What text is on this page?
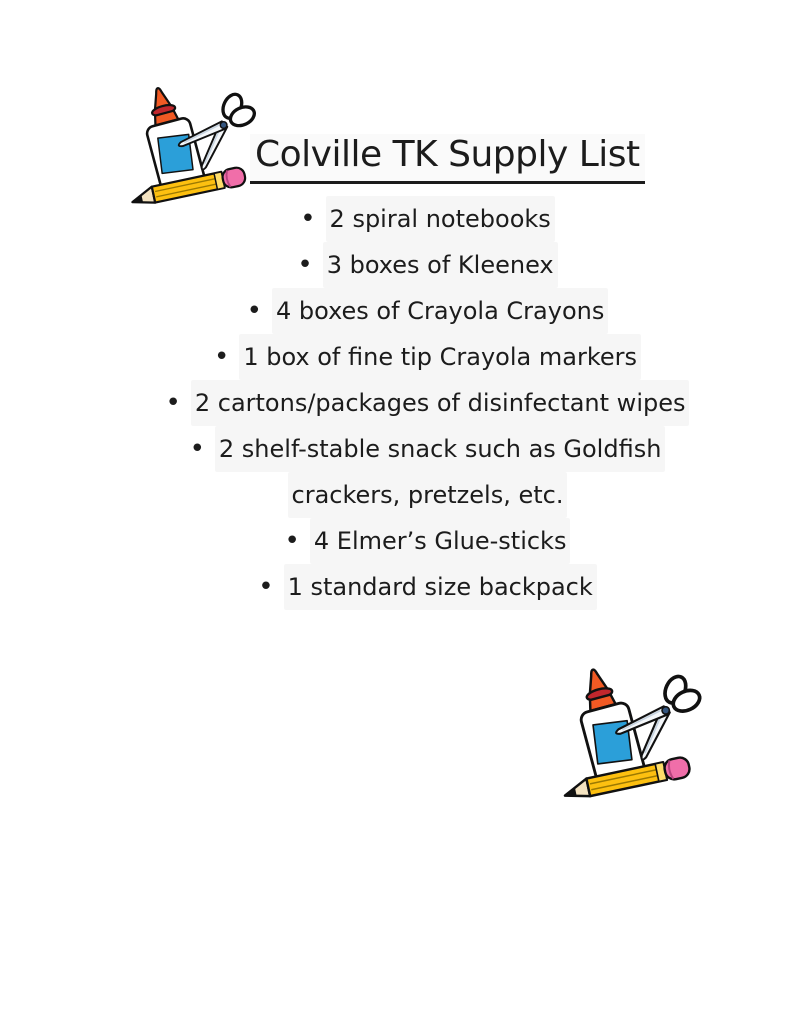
Colville TK Supply List
• 2 spiral notebooks
• 3 boxes of Kleenex
• 4 boxes of Crayola Crayons
• 1 box of fine tip Crayola markers
• 2 cartons/packages of disinfectant wipes
• 2 shelf-stable snack such as Goldfish
crackers, pretzels, etc.
• 4 Elmer’s Glue-sticks
• 1 standard size backpack
